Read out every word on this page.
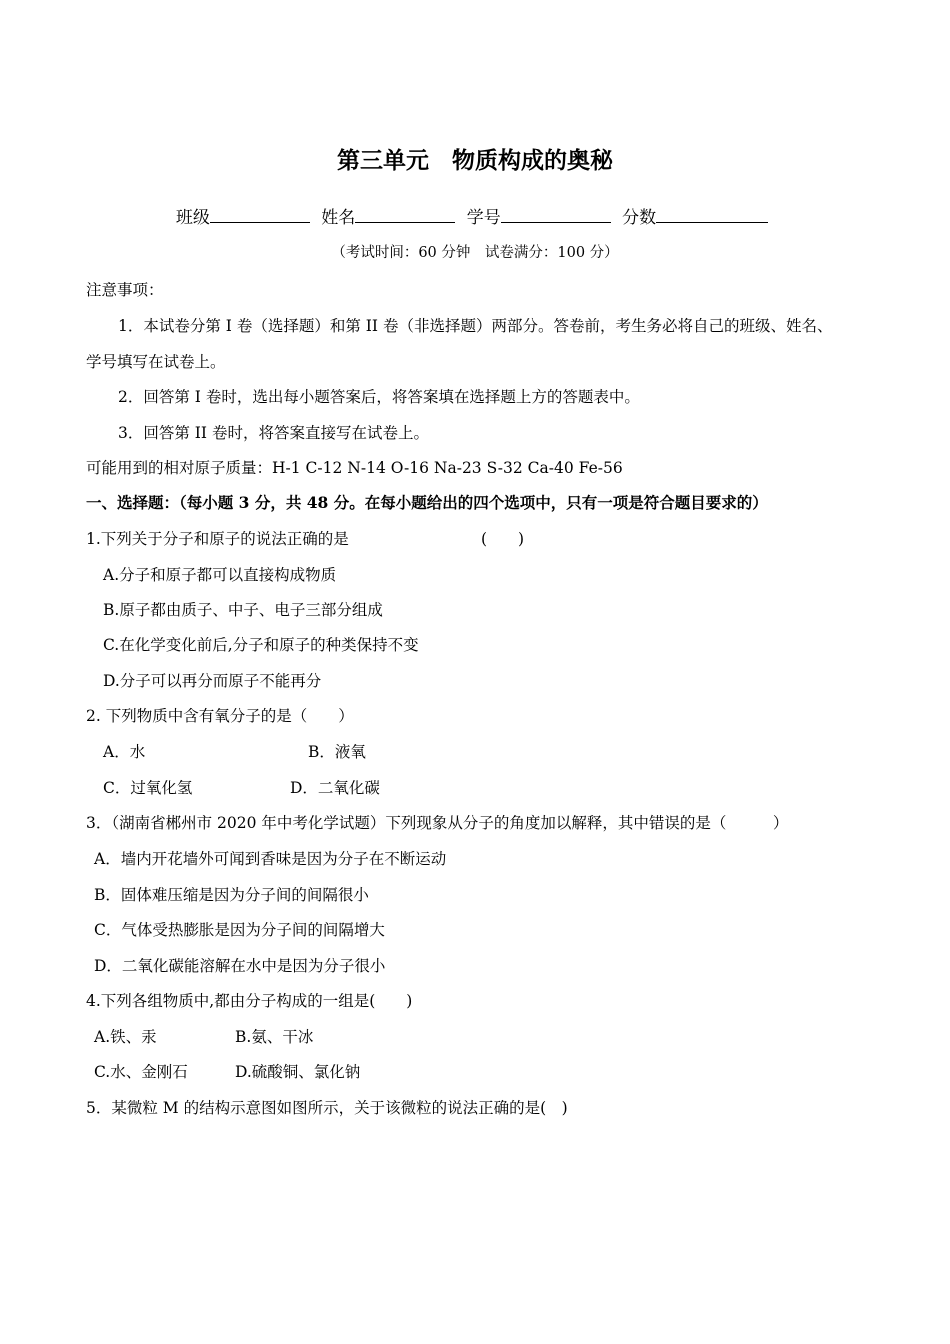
第三单元　物质构成的奥秘
班级	姓名	学号	分数
（考试时间：60 分钟　试卷满分：100 分）
注意事项：
1．本试卷分第 I 卷（选择题）和第 II 卷（非选择题）两部分。答卷前，考生务必将自己的班级、姓名、
学号填写在试卷上。
2．回答第 I 卷时，选出每小题答案后，将答案填在选择题上方的答题表中。
3．回答第 II 卷时，将答案直接写在试卷上。
可能用到的相对原子质量：H-1 C-12 N-14 O-16 Na-23 S-32 Ca-40 Fe-56
一、选择题：（每小题 3 分，共 48 分。在每小题给出的四个选项中，只有一项是符合题目要求的）
1.下列关于分子和原子的说法正确的是	(　　)
A.分子和原子都可以直接构成物质
B.原子都由质子、中子、电子三部分组成
C.在化学变化前后,分子和原子的种类保持不变
D.分子可以再分而原子不能再分
2. 下列物质中含有氧分子的是（　　）
A．水	B．液氧
C．过氧化氢	D．二氧化碳
3．（湖南省郴州市 2020 年中考化学试题）下列现象从分子的角度加以解释，其中错误的是（　　　）
A．墙内开花墙外可闻到香味是因为分子在不断运动
B．固体难压缩是因为分子间的间隔很小
C．气体受热膨胀是因为分子间的间隔增大
D．二氧化碳能溶解在水中是因为分子很小
4.下列各组物质中,都由分子构成的一组是(　　)
A.铁、汞	B.氨、干冰
C.水、金刚石	D.硫酸铜、氯化钠
5．某微粒 M 的结构示意图如图所示，关于该微粒的说法正确的是(　)
